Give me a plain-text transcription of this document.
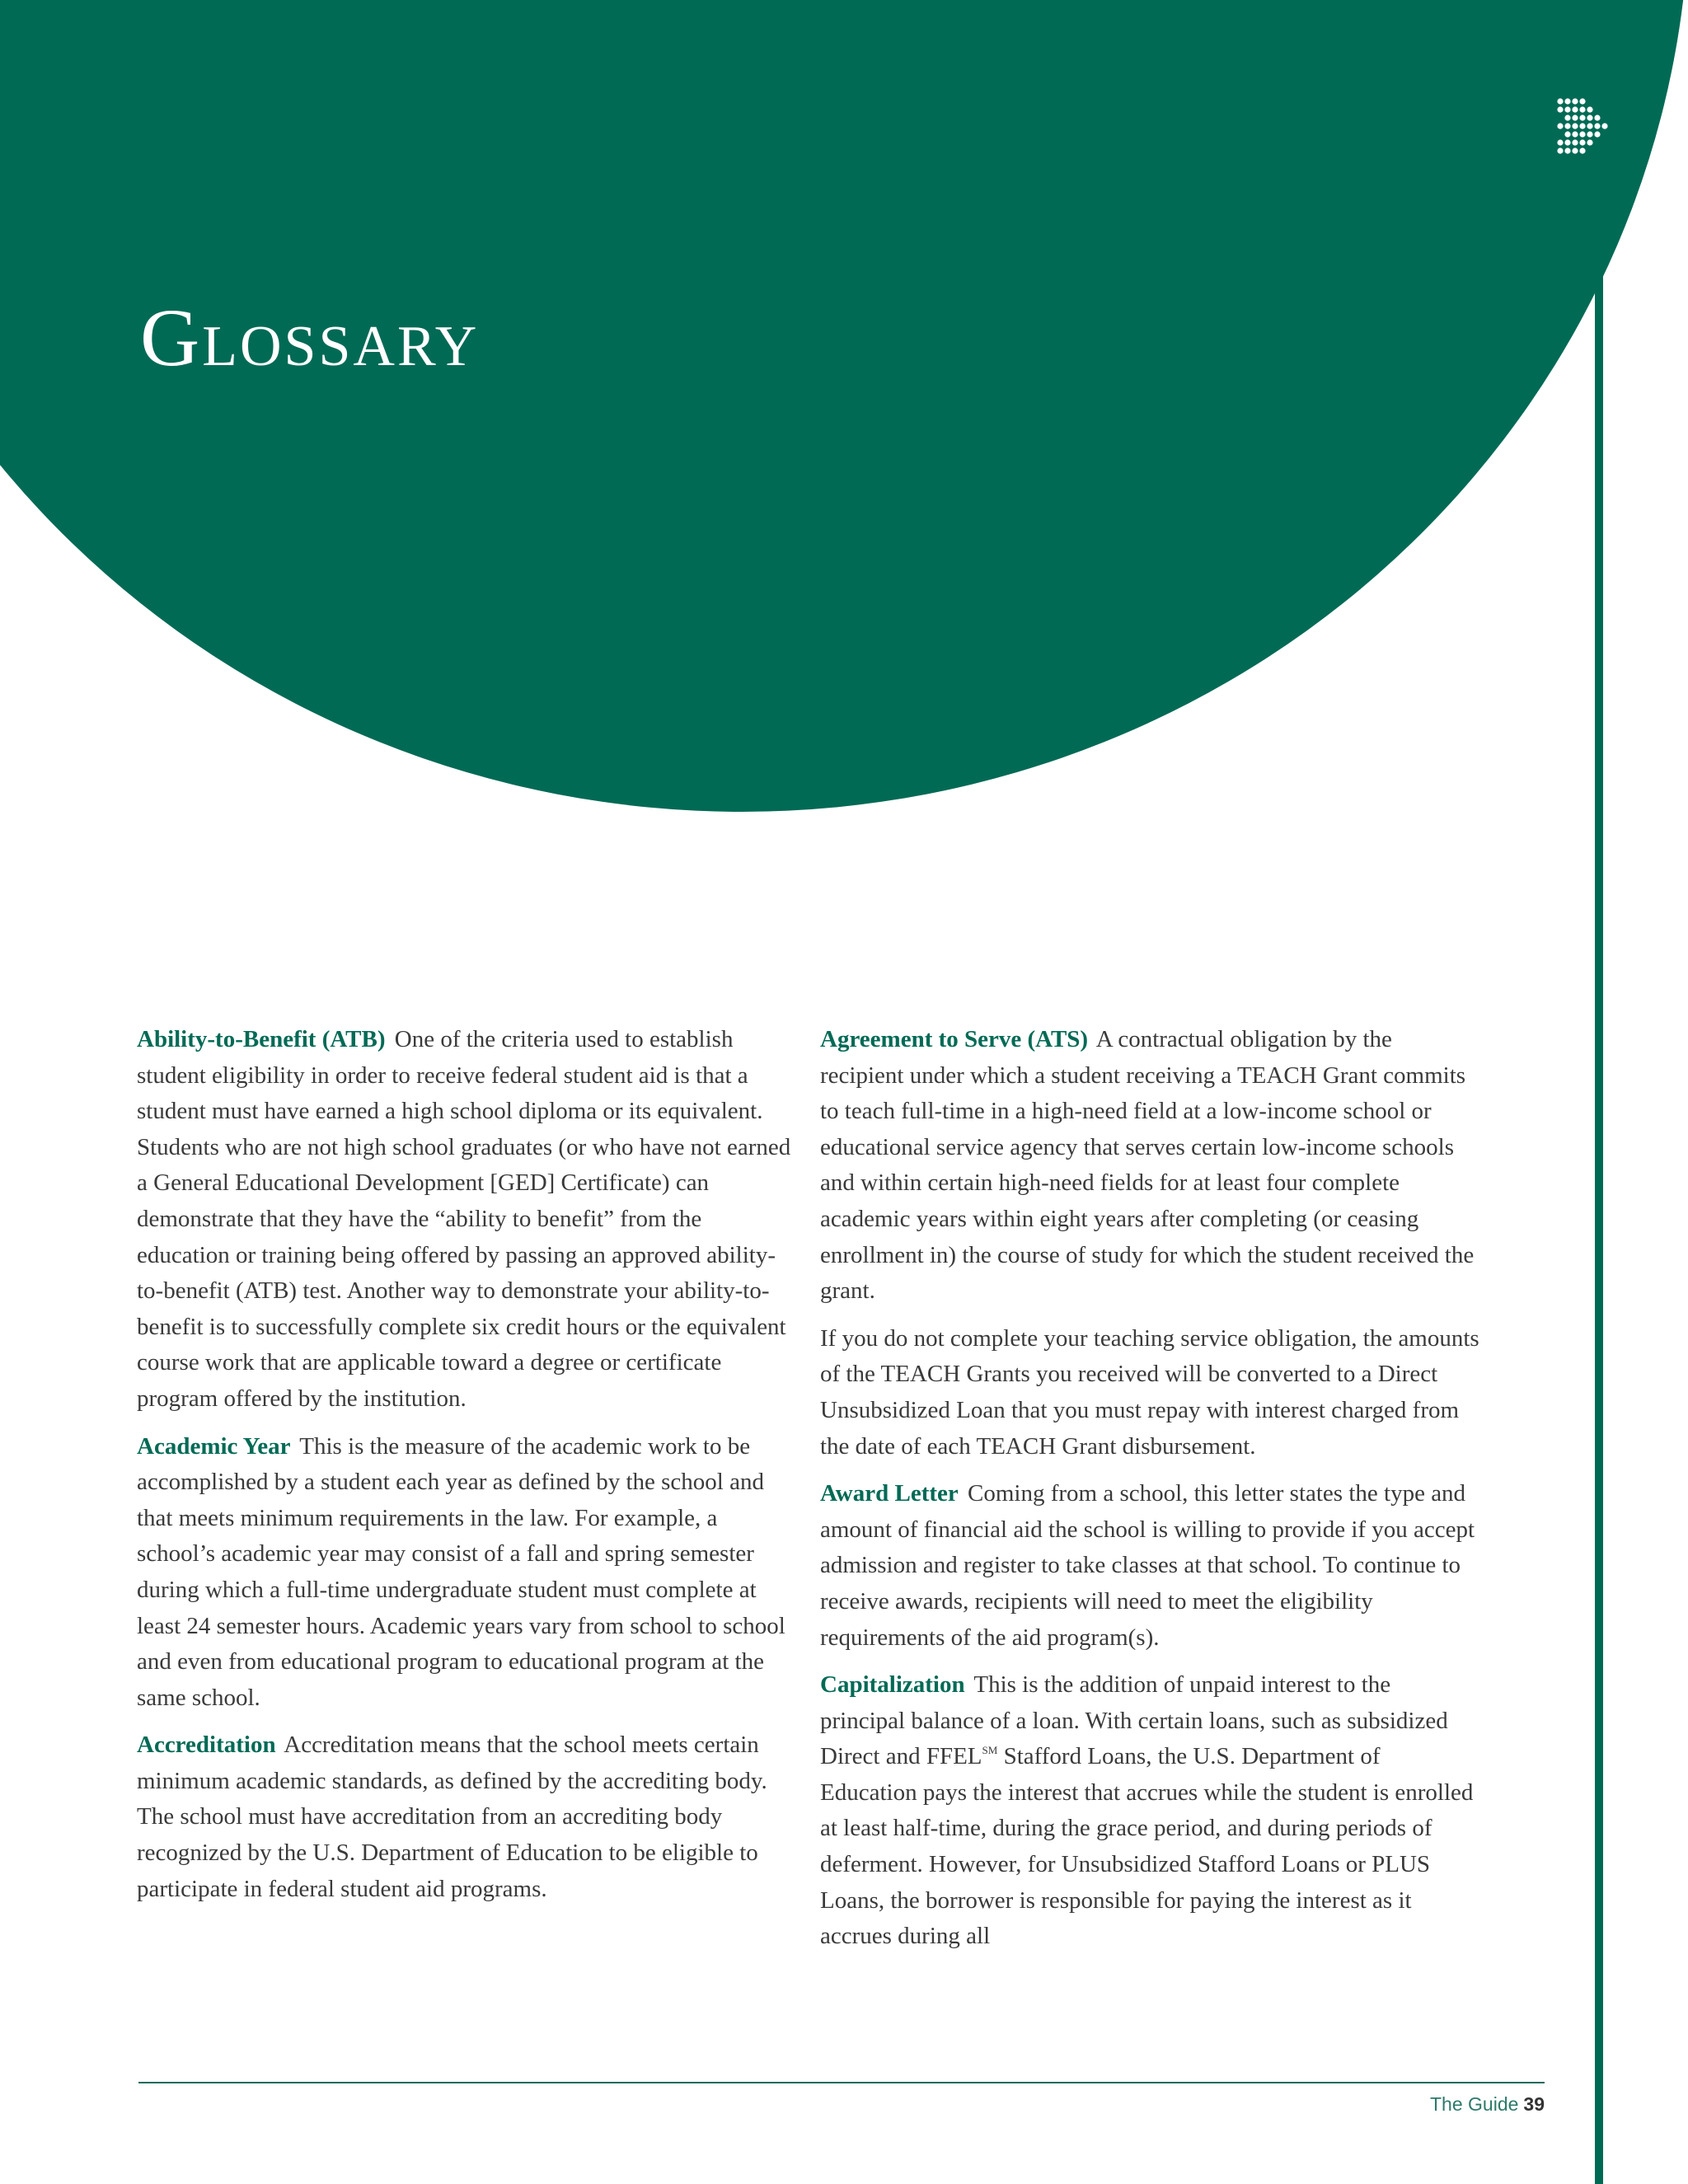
Glossary

Ability-to-Benefit (ATB) One of the criteria used to establish student eligibility in order to receive federal student aid is that a student must have earned a high school diploma or its equivalent. Students who are not high school graduates (or who have not earned a General Educational Development [GED] Certificate) can demonstrate that they have the “ability to benefit” from the education or training being offered by passing an approved ability-to-benefit (ATB) test. Another way to demonstrate your ability-to-benefit is to successfully complete six credit hours or the equivalent course work that are applicable toward a degree or certificate program offered by the institution.

Academic Year This is the measure of the academic work to be accomplished by a student each year as defined by the school and that meets minimum requirements in the law. For example, a school’s academic year may consist of a fall and spring semester during which a full-time undergraduate student must complete at least 24 semester hours. Academic years vary from school to school and even from educational program to educational program at the same school.

Accreditation Accreditation means that the school meets certain minimum academic standards, as defined by the accrediting body. The school must have accreditation from an accrediting body recognized by the U.S. Department of Education to be eligible to participate in federal student aid programs.

Agreement to Serve (ATS) A contractual obligation by the recipient under which a student receiving a TEACH Grant commits to teach full-time in a high-need field at a low-income school or educational service agency that serves certain low-income schools and within certain high-need fields for at least four complete academic years within eight years after completing (or ceasing enrollment in) the course of study for which the student received the grant.

If you do not complete your teaching service obligation, the amounts of the TEACH Grants you received will be converted to a Direct Unsubsidized Loan that you must repay with interest charged from the date of each TEACH Grant disbursement.

Award Letter Coming from a school, this letter states the type and amount of financial aid the school is willing to provide if you accept admission and register to take classes at that school. To continue to receive awards, recipients will need to meet the eligibility requirements of the aid program(s).

Capitalization This is the addition of unpaid interest to the principal balance of a loan. With certain loans, such as subsidized Direct and FFEL℠ Stafford Loans, the U.S. Department of Education pays the interest that accrues while the student is enrolled at least half-time, during the grace period, and during periods of deferment. However, for Unsubsidized Stafford Loans or PLUS Loans, the borrower is responsible for paying the interest as it accrues during all

The Guide 39
